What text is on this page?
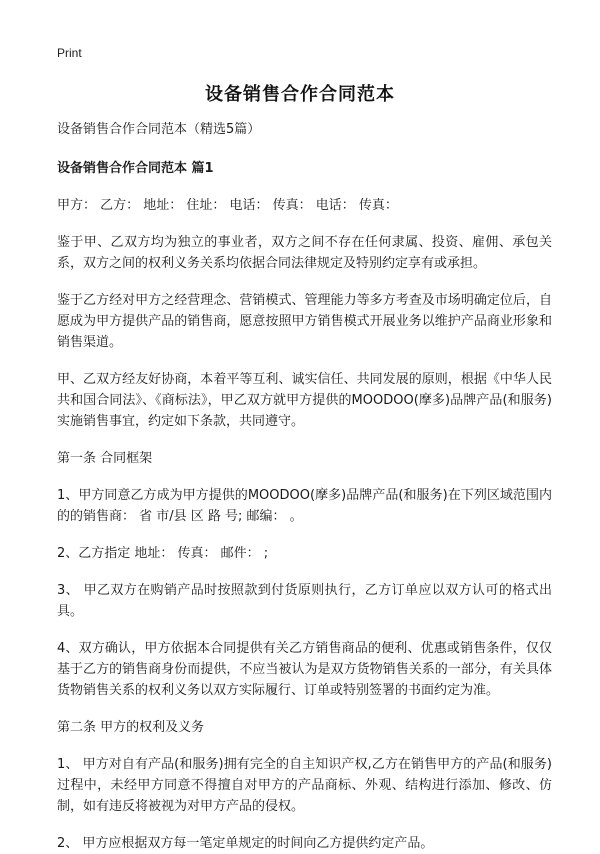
Print
设备销售合作合同范本

设备销售合作合同范本（精选5篇）

设备销售合作合同范本 篇1

甲方： 乙方： 地址： 住址： 电话： 传真： 电话： 传真：

鉴于甲、乙双方均为独立的事业者，双方之间不存在任何隶属、投资、雇佣、承包关系，双方之间的权利义务关系均依据合同法律规定及特别约定享有或承担。

鉴于乙方经对甲方之经营理念、营销模式、管理能力等多方考查及市场明确定位后，自愿成为甲方提供产品的销售商，愿意按照甲方销售模式开展业务以维护产品商业形象和销售渠道。

甲、乙双方经友好协商，本着平等互利、诚实信任、共同发展的原则，根据《中华人民共和国合同法》、《商标法》，甲乙双方就甲方提供的MOODOO(摩多)品牌产品(和服务)实施销售事宜，约定如下条款，共同遵守。

第一条 合同框架

1、甲方同意乙方成为甲方提供的MOODOO(摩多)品牌产品(和服务)在下列区域范围内的的销售商： 省 市/县 区 路 号; 邮编： 。

2、乙方指定 地址： 传真： 邮件： ;

3、 甲乙双方在购销产品时按照款到付货原则执行，乙方订单应以双方认可的格式出具。

4、双方确认，甲方依据本合同提供有关乙方销售商品的便利、优惠或销售条件，仅仅基于乙方的销售商身份而提供，不应当被认为是双方货物销售关系的一部分，有关具体货物销售关系的权利义务以双方实际履行、订单或特别签署的书面约定为准。

第二条 甲方的权利及义务

1、 甲方对自有产品(和服务)拥有完全的自主知识产权,乙方在销售甲方的产品(和服务)过程中，未经甲方同意不得擅自对甲方的产品商标、外观、结构进行添加、修改、仿制，如有违反将被视为对甲方产品的侵权。

2、 甲方应根据双方每一笔定单规定的时间向乙方提供约定产品。
